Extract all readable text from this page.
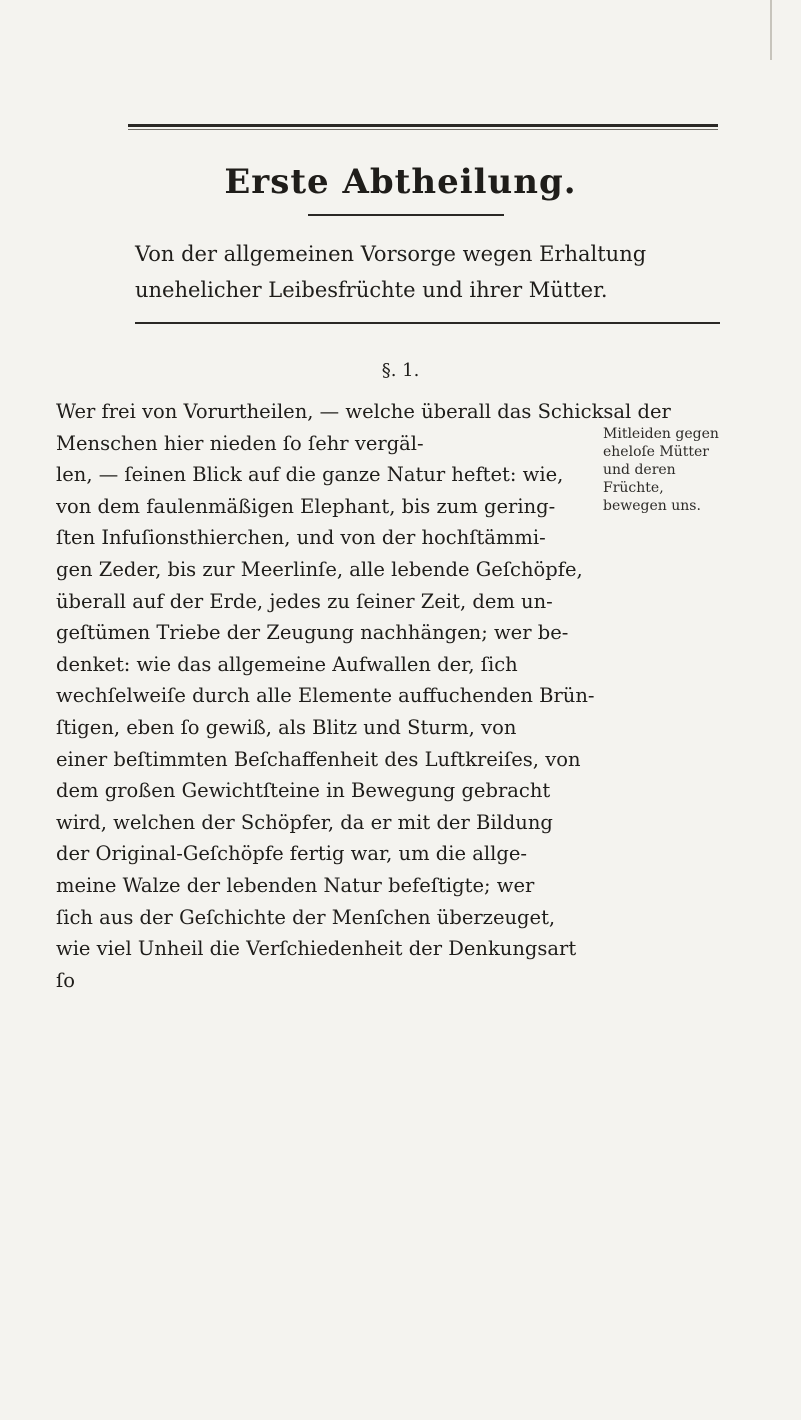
Erste Abtheilung.
Von der allgemeinen Vorsorge wegen Erhaltung unehelicher Leibesfrüchte und ihrer Mütter.
§. 1.
Mitleiden gegen eheloſe Mütter und deren Früchte, bewegen uns.
Wer frei von Vorurtheilen, — welche überall das Schicksal der
Menschen hier nieden ſo ſehr vergäl-
len, — ſeinen Blick auf die ganze Natur heftet: wie,
von dem faulenmäßigen Elephant, bis zum gering-
ſten Infuſionsthierchen, und von der hochſtämmi-
gen Zeder, bis zur Meerlinſe, alle lebende Geſchöpfe,
überall auf der Erde, jedes zu ſeiner Zeit, dem un-
geſtümen Triebe der Zeugung nachhängen; wer be-
denket: wie das allgemeine Aufwallen der, ſich
wechſelweiſe durch alle Elemente auffuchenden Brün-
ſtigen, eben ſo gewiß, als Blitz und Sturm, von
einer beſtimmten Beſchaffenheit des Luftkreiſes, von
dem großen Gewichtſteine in Bewegung gebracht
wird, welchen der Schöpfer, da er mit der Bildung
der Original-Geſchöpfe fertig war, um die allge-
meine Walze der lebenden Natur befeſtigte; wer
ſich aus der Geſchichte der Menſchen überzeuget,
wie viel Unheil die Verſchiedenheit der Denkungsart
ſo
